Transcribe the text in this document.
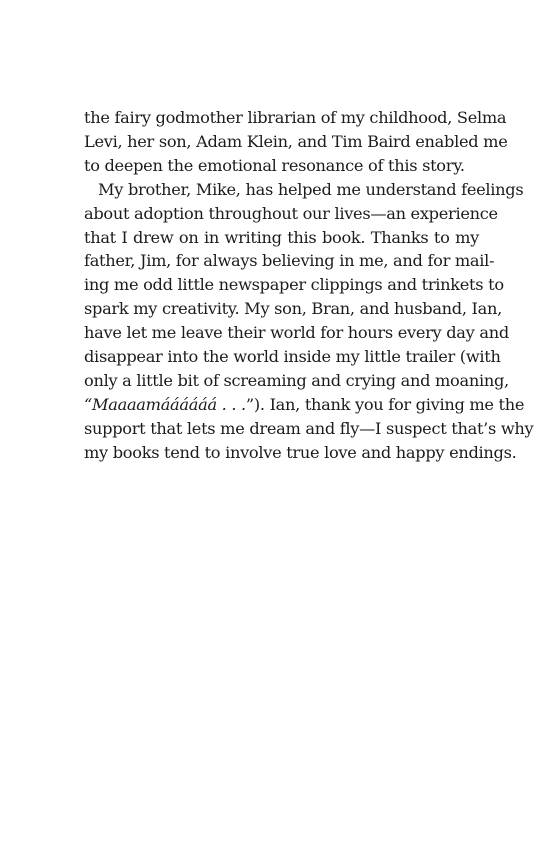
the fairy godmother librarian of my childhood, Selma
Levi, her son, Adam Klein, and Tim Baird enabled me
to deepen the emotional resonance of this story.
My brother, Mike, has helped me understand feelings
about adoption throughout our lives—an experience
that I drew on in writing this book. Thanks to my
father, Jim, for always believing in me, and for mail-
ing me odd little newspaper clippings and trinkets to
spark my creativity. My son, Bran, and husband, Ian,
have let me leave their world for hours every day and
disappear into the world inside my little trailer (with
only a little bit of screaming and crying and moaning,
“Maaaamáááááá . . .”). Ian, thank you for giving me the
support that lets me dream and fly—I suspect that’s why
my books tend to involve true love and happy endings.
